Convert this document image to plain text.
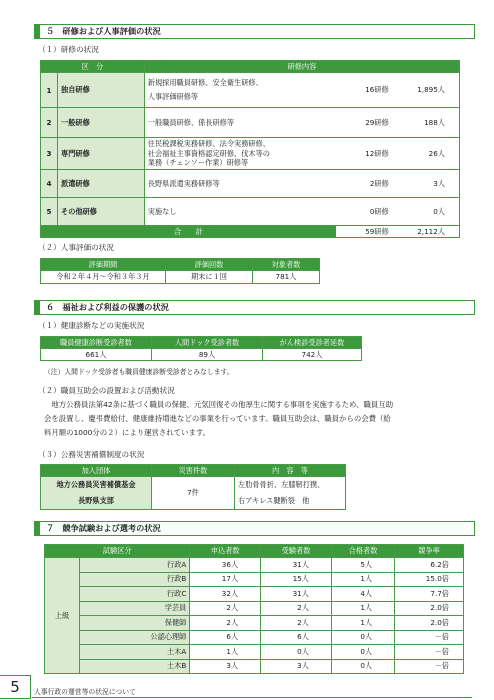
５　研修および人事評価の状況
（１）研修の状況
区　分		研修内容		
1	独自研修	新規採用職員研修、安全衛生研修、
人事評価研修等	16研修	1,895人
2	一般研修	一般職員研修、係長研修等	29研修	188人
3	専門研修	住民税課税実務研修、法令実務研修、
社会福祉主事資格認定研修、伐木等の
業務（チェンソー作業）研修等	12研修	26人
4	派遣研修	長野県派遣実務研修等	2研修	3人
5	その他研修	実施なし	0研修	0人
合　　計			59研修	2,112人
（２）人事評価の状況
評価期間	評価回数	対象者数
令和２年４月～令和３年３月	期末に１回	781人
６　福祉および利益の保護の状況
（１）健康診断などの実施状況
職員健康診断受診者数	人間ドック受診者数	がん検診受診者延数
661人	89人	742人
（注）人間ドック受診者も職員健康診断受診者とみなします。
（２）職員互助会の設置および活動状況
　地方公務員法第42条に基づく職員の保健、元気回復その他厚生に関する事項を実施するため、職員互助
会を設置し、慶弔費給付、健康維持増進などの事業を行っています。職員互助会は、職員からの会費（給
料月額の1000分の２）により運営されています。
（３）公務災害補償制度の状況
加入団体	災害件数	内　容　等
地方公務員災害補償基金
長野県支部	7件	左肋骨骨折、左膝靭打撲、
右アキレス腱断裂　他
７　競争試験および選考の状況
試験区分		申込者数	受験者数	合格者数	競争率
上級	行政A	36人	31人	5人	6.2倍
	行政B	17人	15人	1人	15.0倍
	行政C	32人	31人	4人	7.7倍
	学芸員	2人	2人	1人	2.0倍
	保健師	2人	2人	1人	2.0倍
	公認心理師	6人	6人	0人	－倍
	土木A	1人	0人	0人	－倍
	土木B	3人	3人	0人	－倍
5	人事行政の運営等の状況について
